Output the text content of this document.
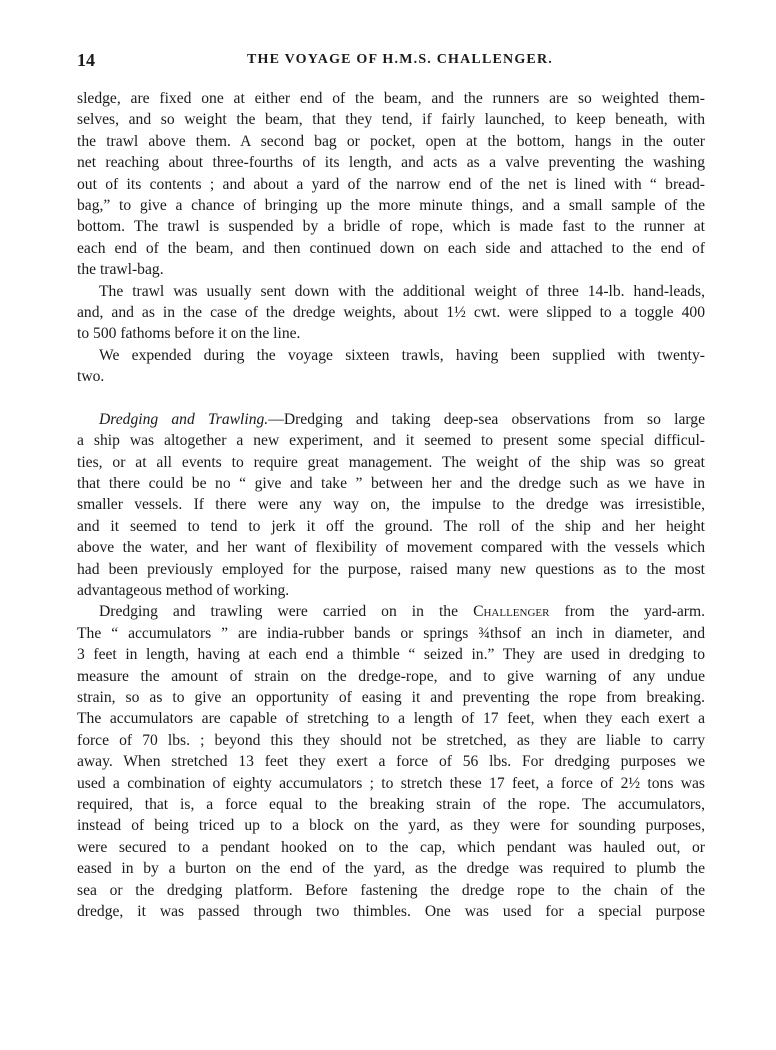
14	THE VOYAGE OF H.M.S. CHALLENGER.
sledge, are fixed one at either end of the beam, and the runners are so weighted them-
selves, and so weight the beam, that they tend, if fairly launched, to keep beneath, with
the trawl above them. A second bag or pocket, open at the bottom, hangs in the outer
net reaching about three-fourths of its length, and acts as a valve preventing the washing
out of its contents ; and about a yard of the narrow end of the net is lined with “ bread-
bag,” to give a chance of bringing up the more minute things, and a small sample of the
bottom. The trawl is suspended by a bridle of rope, which is made fast to the runner at
each end of the beam, and then continued down on each side and attached to the end of
the trawl-bag.
The trawl was usually sent down with the additional weight of three 14-lb. hand-leads,
and, and as in the case of the dredge weights, about 1½ cwt. were slipped to a toggle 400
to 500 fathoms before it on the line.
We expended during the voyage sixteen trawls, having been supplied with twenty-
two.
Dredging and Trawling.—Dredging and taking deep-sea observations from so large
a ship was altogether a new experiment, and it seemed to present some special difficul-
ties, or at all events to require great management. The weight of the ship was so great
that there could be no “ give and take ” between her and the dredge such as we have in
smaller vessels. If there were any way on, the impulse to the dredge was irresistible,
and it seemed to tend to jerk it off the ground. The roll of the ship and her height
above the water, and her want of flexibility of movement compared with the vessels which
had been previously employed for the purpose, raised many new questions as to the most
advantageous method of working.
Dredging and trawling were carried on in the Challenger from the yard-arm.
The “ accumulators ” are india-rubber bands or springs ¾thsof an inch in diameter, and
3 feet in length, having at each end a thimble “ seized in.” They are used in dredging to
measure the amount of strain on the dredge-rope, and to give warning of any undue
strain, so as to give an opportunity of easing it and preventing the rope from breaking.
The accumulators are capable of stretching to a length of 17 feet, when they each exert a
force of 70 lbs. ; beyond this they should not be stretched, as they are liable to carry
away. When stretched 13 feet they exert a force of 56 lbs. For dredging purposes we
used a combination of eighty accumulators ; to stretch these 17 feet, a force of 2½ tons was
required, that is, a force equal to the breaking strain of the rope. The accumulators,
instead of being triced up to a block on the yard, as they were for sounding purposes,
were secured to a pendant hooked on to the cap, which pendant was hauled out, or
eased in by a burton on the end of the yard, as the dredge was required to plumb the
sea or the dredging platform. Before fastening the dredge rope to the chain of the
dredge, it was passed through two thimbles. One was used for a special purpose
